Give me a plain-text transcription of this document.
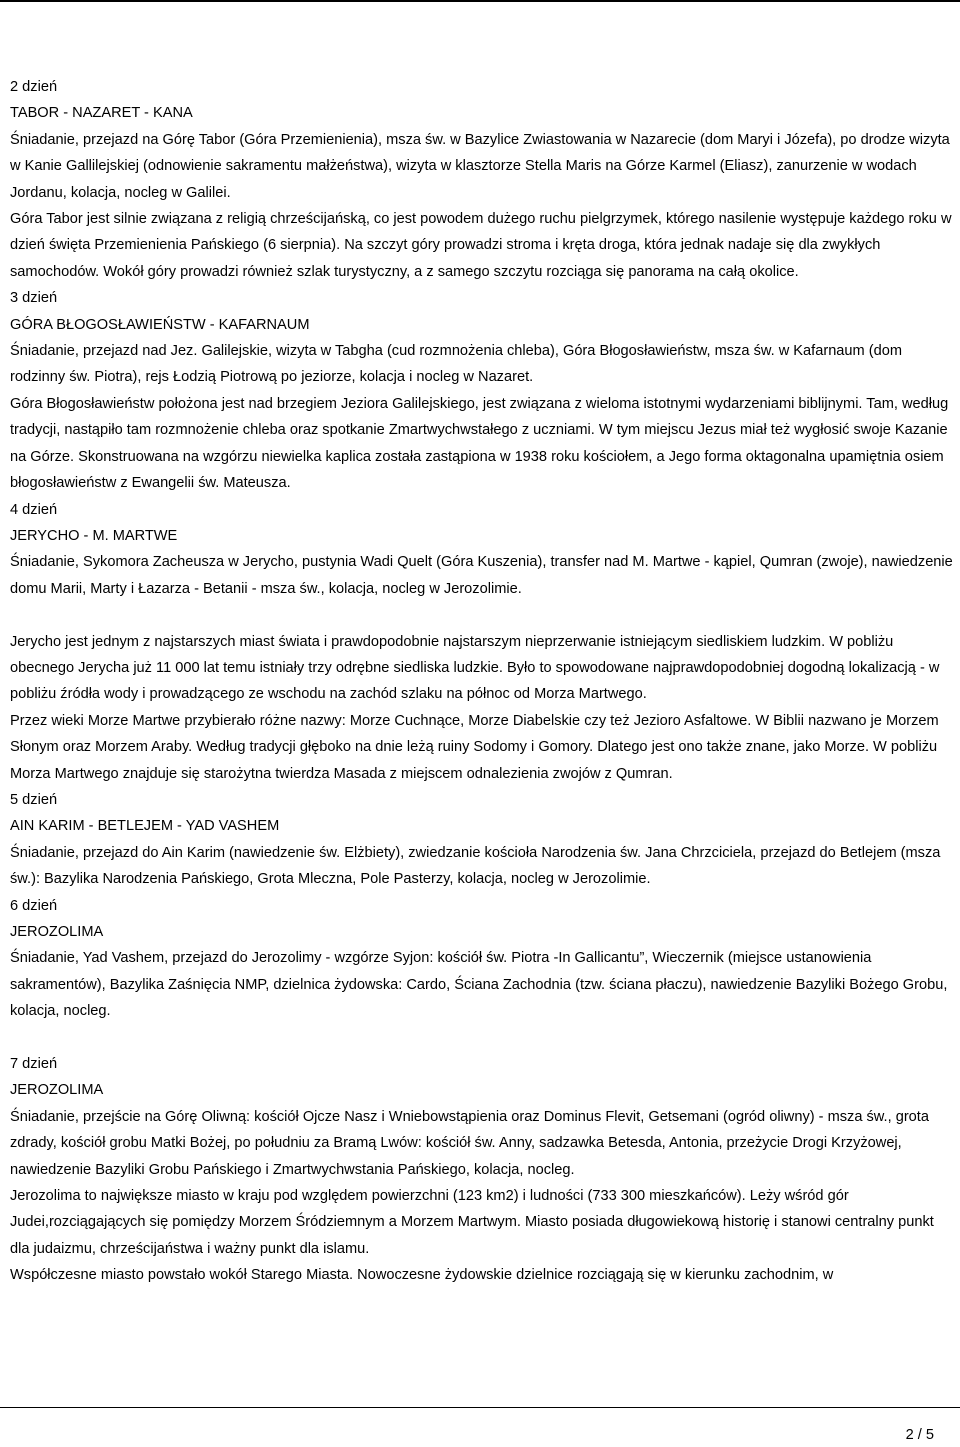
2 dzień
TABOR - NAZARET - KANA
Śniadanie, przejazd na Górę Tabor (Góra Przemienienia), msza św. w Bazylice Zwiastowania w Nazarecie (dom Maryi i Józefa), po drodze wizyta w Kanie Gallilejskiej (odnowienie sakramentu małżeństwa), wizyta w klasztorze Stella Maris na Górze Karmel (Eliasz), zanurzenie w wodach Jordanu, kolacja, nocleg w Galilei.
Góra Tabor jest silnie związana z religią chrześcijańską, co jest powodem dużego ruchu pielgrzymek, którego nasilenie występuje każdego roku w dzień święta Przemienienia Pańskiego (6 sierpnia). Na szczyt góry prowadzi stroma i kręta droga, która jednak nadaje się dla zwykłych samochodów. Wokół góry prowadzi również szlak turystyczny, a z samego szczytu rozciąga się panorama na całą okolice.
3 dzień
GÓRA BŁOGOSŁAWIEŃSTW - KAFARNAUM
Śniadanie, przejazd nad Jez. Galilejskie, wizyta w Tabgha (cud rozmnożenia chleba), Góra Błogosławieństw, msza św. w Kafarnaum (dom rodzinny św. Piotra), rejs Łodzią Piotrową po jeziorze, kolacja i nocleg w Nazaret.
Góra Błogosławieństw położona jest nad brzegiem Jeziora Galilejskiego, jest związana z wieloma istotnymi wydarzeniami biblijnymi. Tam, według tradycji, nastąpiło tam rozmnożenie chleba oraz spotkanie Zmartwychwstałego z uczniami. W tym miejscu Jezus miał też wygłosić swoje Kazanie na Górze. Skonstruowana na wzgórzu niewielka kaplica została zastąpiona w 1938 roku kościołem, a Jego forma oktagonalna upamiętnia osiem błogosławieństw z Ewangelii św. Mateusza.
4 dzień
JERYCHO - M. MARTWE
Śniadanie, Sykomora Zacheusza w Jerycho, pustynia Wadi Quelt (Góra Kuszenia), transfer nad M. Martwe - kąpiel, Qumran (zwoje), nawiedzenie domu Marii, Marty i Łazarza - Betanii - msza św., kolacja, nocleg w Jerozolimie.
Jerycho jest jednym z najstarszych miast świata i prawdopodobnie najstarszym nieprzerwanie istniejącym siedliskiem ludzkim. W pobliżu obecnego Jerycha już 11 000 lat temu istniały trzy odrębne siedliska ludzkie. Było to spowodowane najprawdopodobniej dogodną lokalizacją - w pobliżu źródła wody i prowadzącego ze wschodu na zachód szlaku na północ od Morza Martwego.
Przez wieki Morze Martwe przybierało różne nazwy: Morze Cuchnące, Morze Diabelskie czy też Jezioro Asfaltowe. W Biblii nazwano je Morzem Słonym oraz Morzem Araby. Według tradycji głęboko na dnie leżą ruiny Sodomy i Gomory. Dlatego jest ono także znane, jako Morze. W pobliżu Morza Martwego znajduje się starożytna twierdza Masada z miejscem odnalezienia zwojów z Qumran.
5 dzień
AIN KARIM - BETLEJEM - YAD VASHEM
Śniadanie, przejazd do Ain Karim (nawiedzenie św. Elżbiety), zwiedzanie kościoła Narodzenia św. Jana Chrzciciela, przejazd do Betlejem (msza św.): Bazylika Narodzenia Pańskiego, Grota Mleczna, Pole Pasterzy, kolacja, nocleg w Jerozolimie.
6 dzień
JEROZOLIMA
Śniadanie, Yad Vashem, przejazd do Jerozolimy - wzgórze Syjon: kościół św. Piotra -In Gallicantu”, Wieczernik (miejsce ustanowienia sakramentów), Bazylika Zaśnięcia NMP, dzielnica żydowska: Cardo, Ściana Zachodnia (tzw. ściana płaczu), nawiedzenie Bazyliki Bożego Grobu, kolacja, nocleg.
7 dzień
JEROZOLIMA
Śniadanie, przejście na Górę Oliwną: kościół Ojcze Nasz i Wniebowstąpienia oraz Dominus Flevit, Getsemani (ogród oliwny) - msza św., grota zdrady, kościół grobu Matki Bożej, po południu za Bramą Lwów: kościół św. Anny, sadzawka Betesda, Antonia, przeżycie Drogi Krzyżowej, nawiedzenie Bazyliki Grobu Pańskiego i Zmartwychwstania Pańskiego, kolacja, nocleg.
Jerozolima to największe miasto w kraju pod względem powierzchni (123 km2) i ludności (733 300 mieszkańców). Leży wśród gór Judei,rozciągających się pomiędzy Morzem Śródziemnym a Morzem Martwym. Miasto posiada długowiekową historię i stanowi centralny punkt dla judaizmu, chrześcijaństwa i ważny punkt dla islamu.
Współczesne miasto powstało wokół Starego Miasta. Nowoczesne żydowskie dzielnice rozciągają się w kierunku zachodnim, w
2 / 5
